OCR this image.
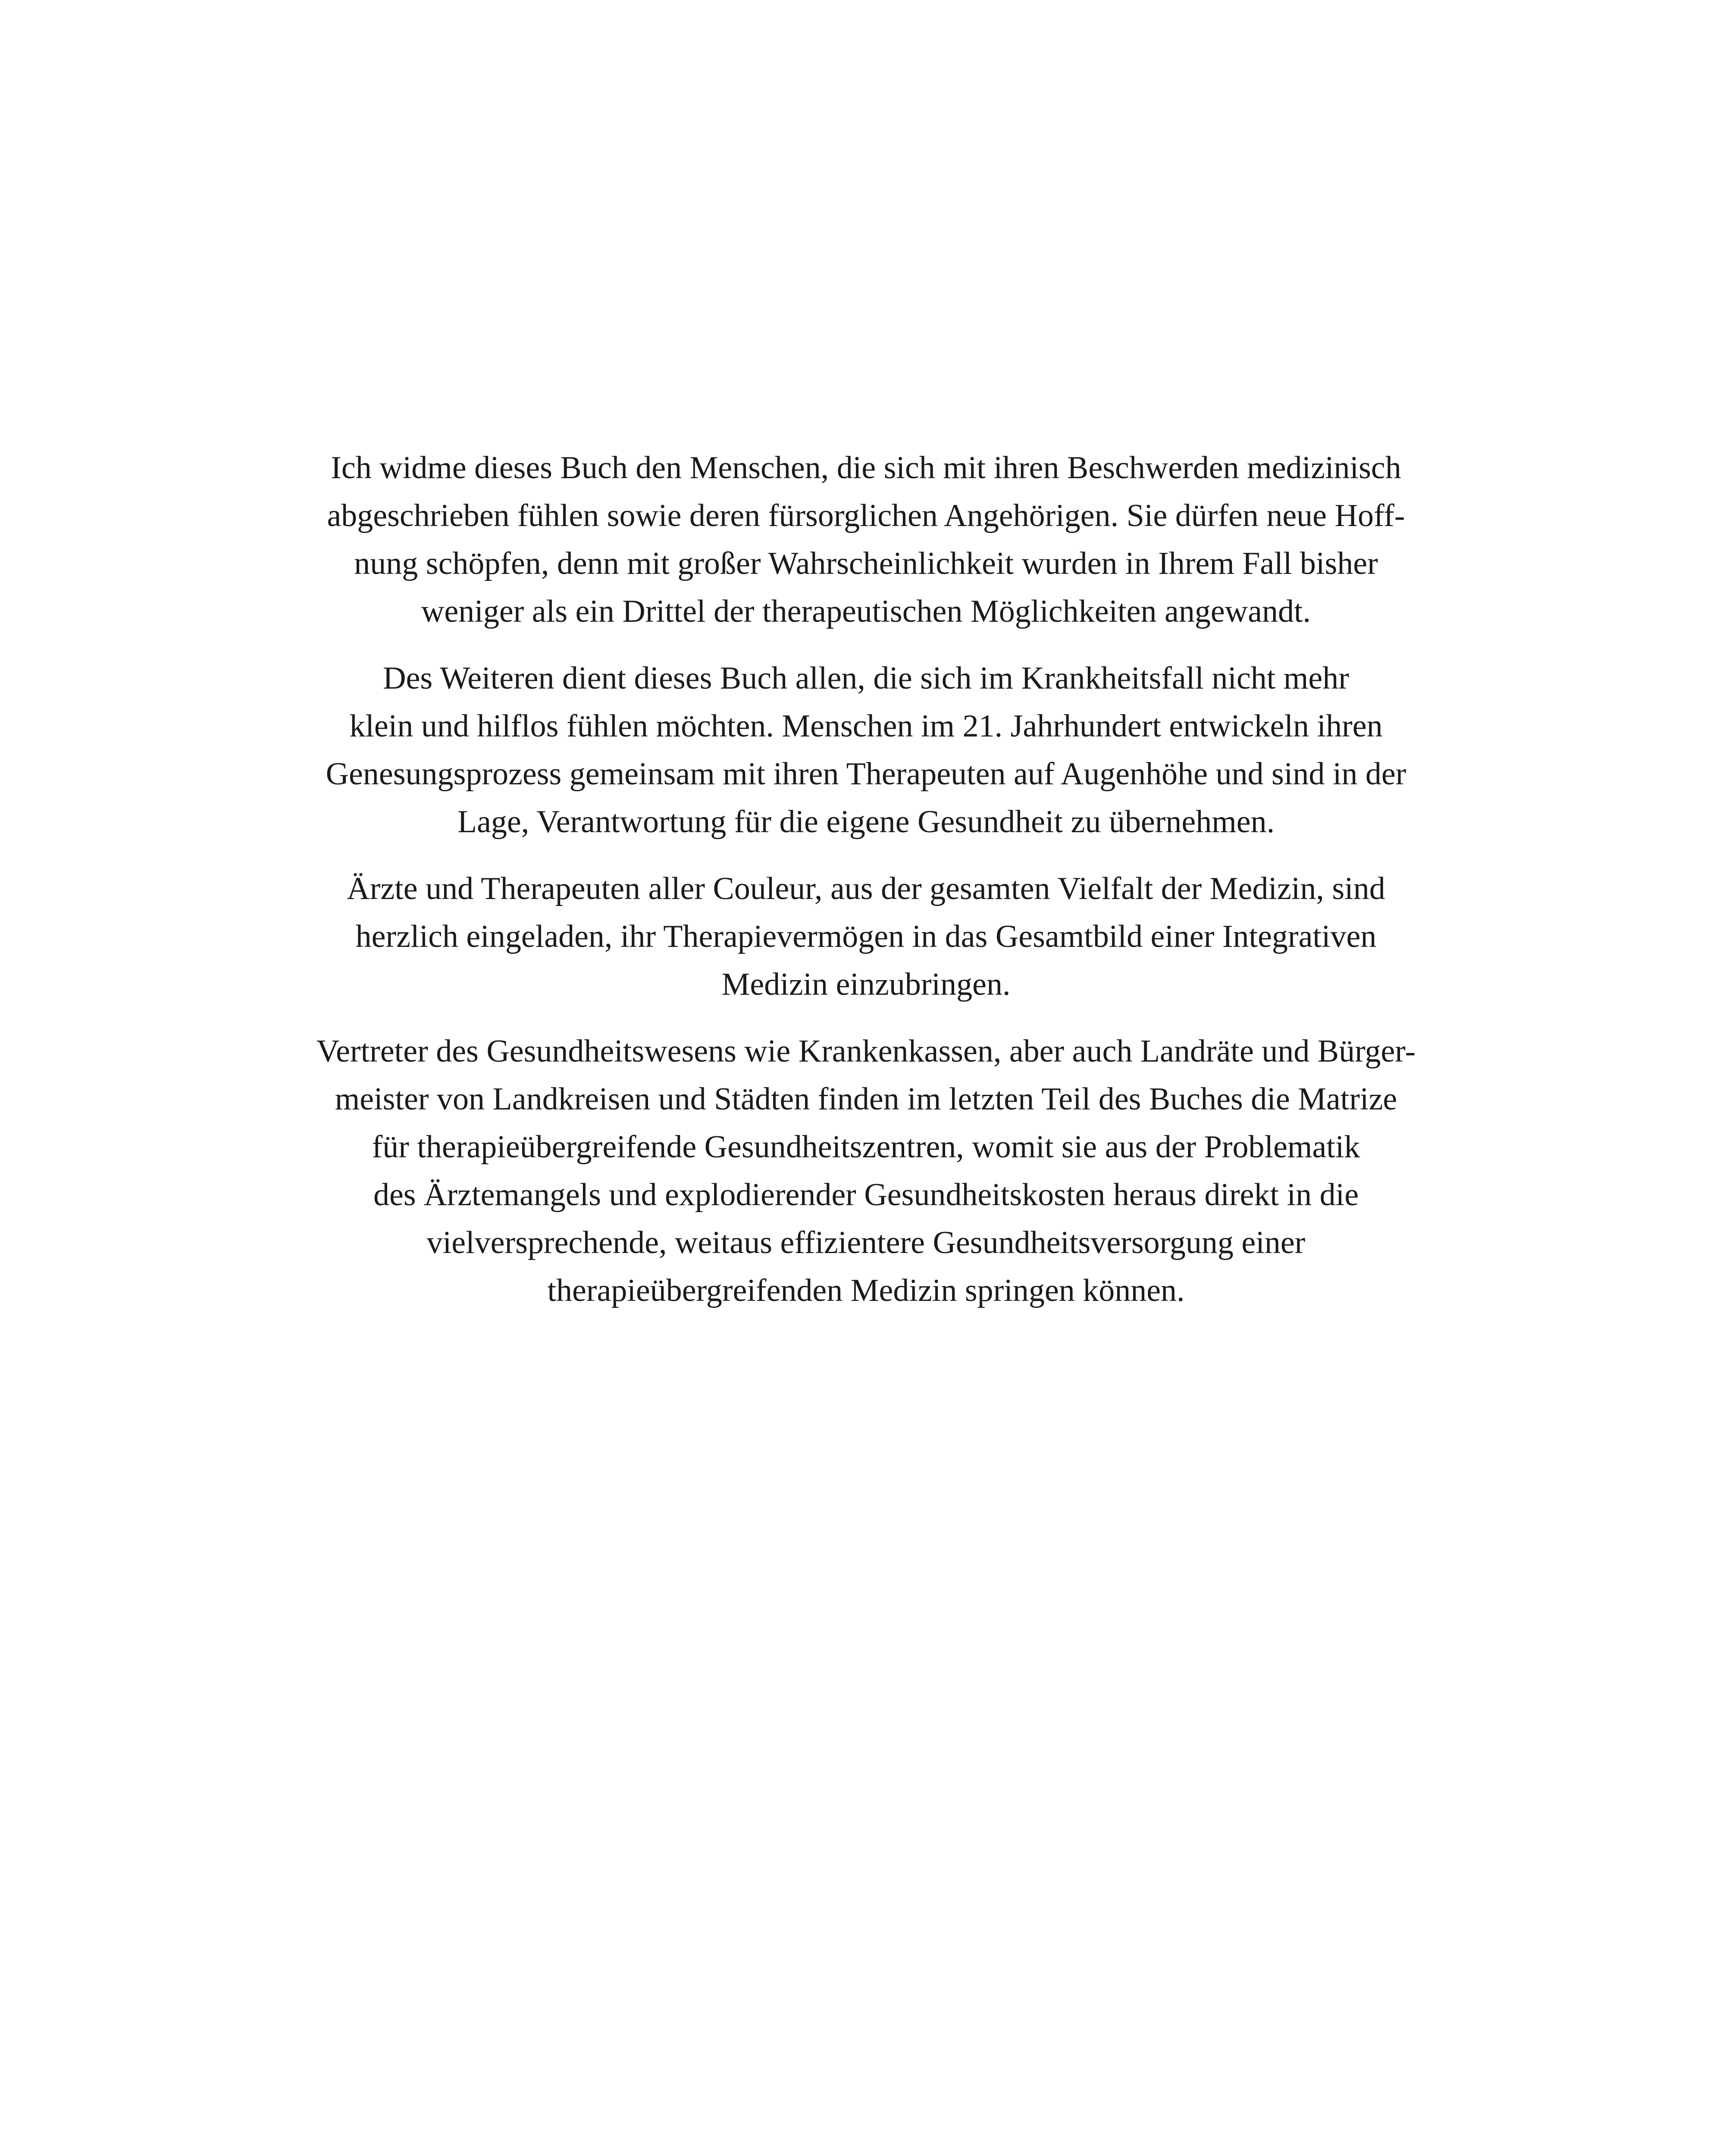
Ich widme dieses Buch den Menschen, die sich mit ihren Beschwerden medizinisch
abgeschrieben fühlen sowie deren fürsorglichen Angehörigen. Sie dürfen neue Hoff-
nung schöpfen, denn mit großer Wahrscheinlichkeit wurden in Ihrem Fall bisher
weniger als ein Drittel der therapeutischen Möglichkeiten angewandt.

Des Weiteren dient dieses Buch allen, die sich im Krankheitsfall nicht mehr
klein und hilflos fühlen möchten. Menschen im 21. Jahrhundert entwickeln ihren
Genesungsprozess gemeinsam mit ihren Therapeuten auf Augenhöhe und sind in der
Lage, Verantwortung für die eigene Gesundheit zu übernehmen.

Ärzte und Therapeuten aller Couleur, aus der gesamten Vielfalt der Medizin, sind
herzlich eingeladen, ihr Therapievermögen in das Gesamtbild einer Integrativen
Medizin einzubringen.

Vertreter des Gesundheitswesens wie Krankenkassen, aber auch Landräte und Bürger-
meister von Landkreisen und Städten finden im letzten Teil des Buches die Matrize
für therapieübergreifende Gesundheitszentren, womit sie aus der Problematik
des Ärztemangels und explodierender Gesundheitskosten heraus direkt in die
vielversprechende, weitaus effizientere Gesundheitsversorgung einer
therapieübergreifenden Medizin springen können.
